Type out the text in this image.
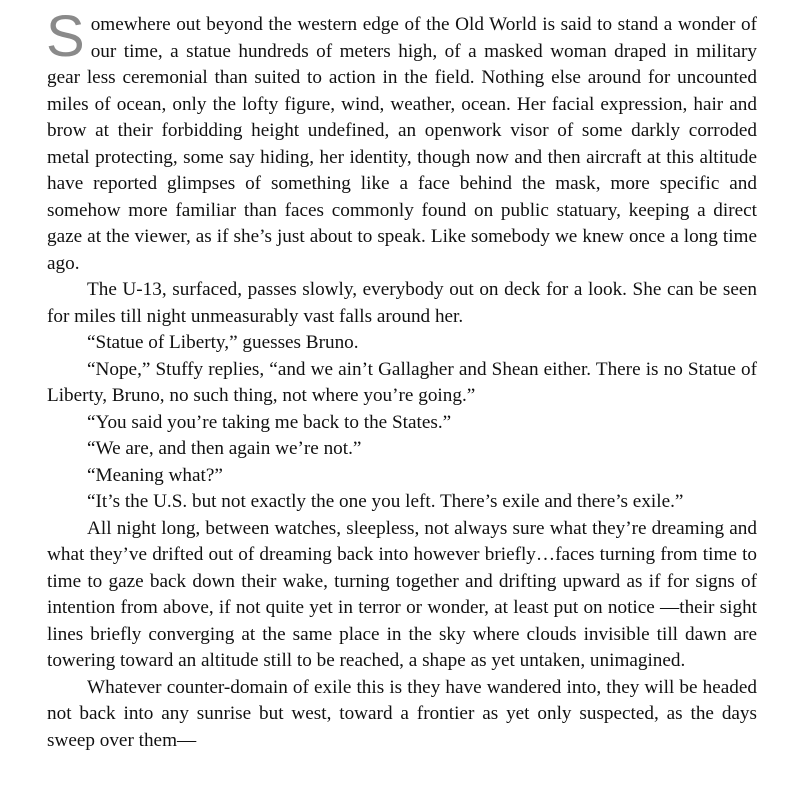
Somewhere out beyond the western edge of the Old World is said to stand a wonder of our time, a statue hundreds of meters high, of a masked woman draped in military gear less ceremonial than suited to action in the field. Nothing else around for uncounted miles of ocean, only the lofty figure, wind, weather, ocean. Her facial expression, hair and brow at their forbidding height undefined, an openwork visor of some darkly corroded metal protecting, some say hiding, her identity, though now and then aircraft at this altitude have reported glimpses of something like a face behind the mask, more specific and somehow more familiar than faces commonly found on public statuary, keeping a direct gaze at the viewer, as if she’s just about to speak. Like somebody we knew once a long time ago.

The U-13, surfaced, passes slowly, everybody out on deck for a look. She can be seen for miles till night unmeasurably vast falls around her.

“Statue of Liberty,” guesses Bruno.

“Nope,” Stuffy replies, “and we ain’t Gallagher and Shean either. There is no Statue of Liberty, Bruno, no such thing, not where you’re going.”

“You said you’re taking me back to the States.”

“We are, and then again we’re not.”

“Meaning what?”

“It’s the U.S. but not exactly the one you left. There’s exile and there’s exile.”

All night long, between watches, sleepless, not always sure what they’re dreaming and what they’ve drifted out of dreaming back into however briefly…faces turning from time to time to gaze back down their wake, turning together and drifting upward as if for signs of intention from above, if not quite yet in terror or wonder, at least put on notice —their sight lines briefly converging at the same place in the sky where clouds invisible till dawn are towering toward an altitude still to be reached, a shape as yet untaken, unimagined.

Whatever counter-domain of exile this is they have wandered into, they will be headed not back into any sunrise but west, toward a frontier as yet only suspected, as the days sweep over them—
